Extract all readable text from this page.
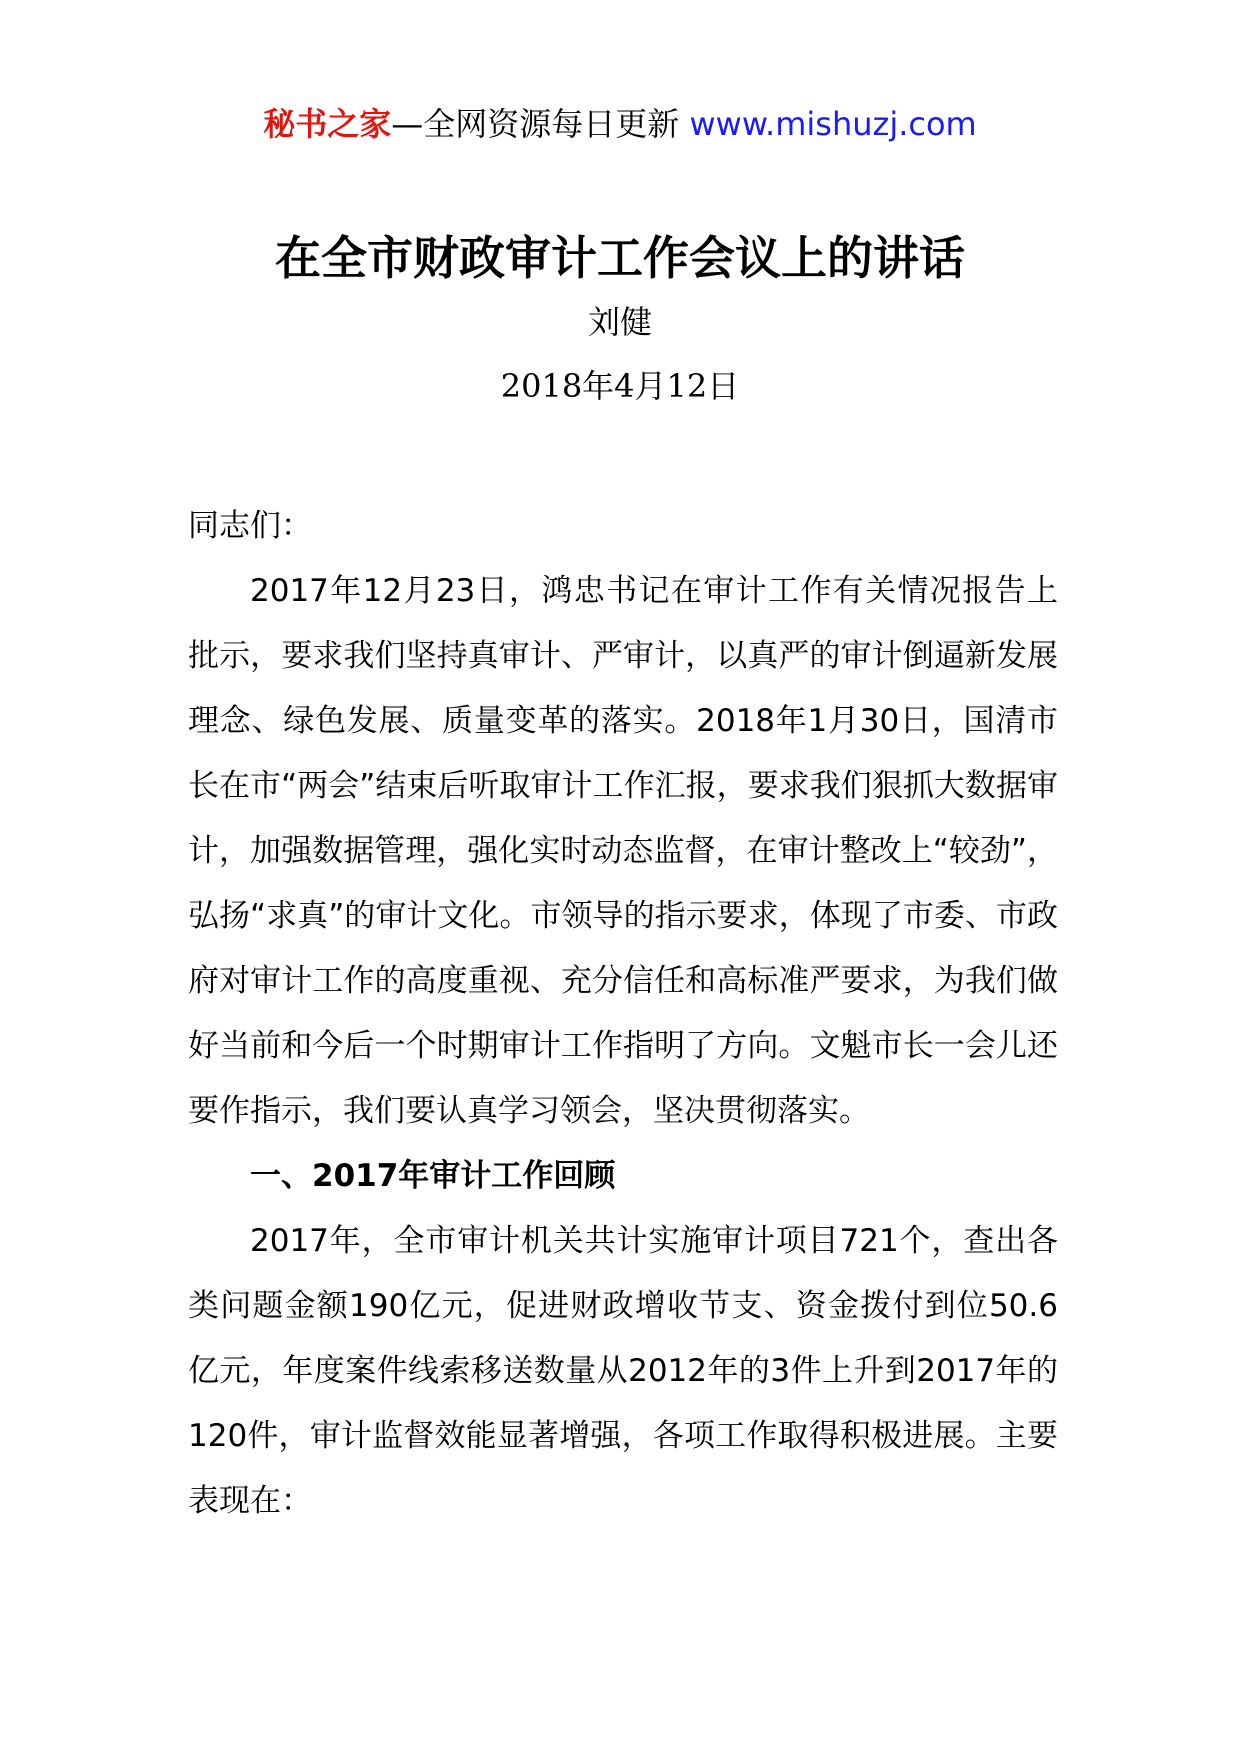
秘书之家—全网资源每日更新 www.mishuzj.com
在全市财政审计工作会议上的讲话
刘健
2018年4月12日

同志们：

2017年12月23日，鸿忠书记在审计工作有关情况报告上批示，要求我们坚持真审计、严审计，以真严的审计倒逼新发展理念、绿色发展、质量变革的落实。2018年1月30日，国清市长在市“两会”结束后听取审计工作汇报，要求我们狠抓大数据审计，加强数据管理，强化实时动态监督，在审计整改上“较劲”，弘扬“求真”的审计文化。市领导的指示要求，体现了市委、市政府对审计工作的高度重视、充分信任和高标准严要求，为我们做好当前和今后一个时期审计工作指明了方向。文魁市长一会儿还要作指示，我们要认真学习领会，坚决贯彻落实。

一、2017年审计工作回顾

2017年，全市审计机关共计实施审计项目721个，查出各类问题金额190亿元，促进财政增收节支、资金拨付到位50.6亿元，年度案件线索移送数量从2012年的3件上升到2017年的120件，审计监督效能显著增强，各项工作取得积极进展。主要表现在：
